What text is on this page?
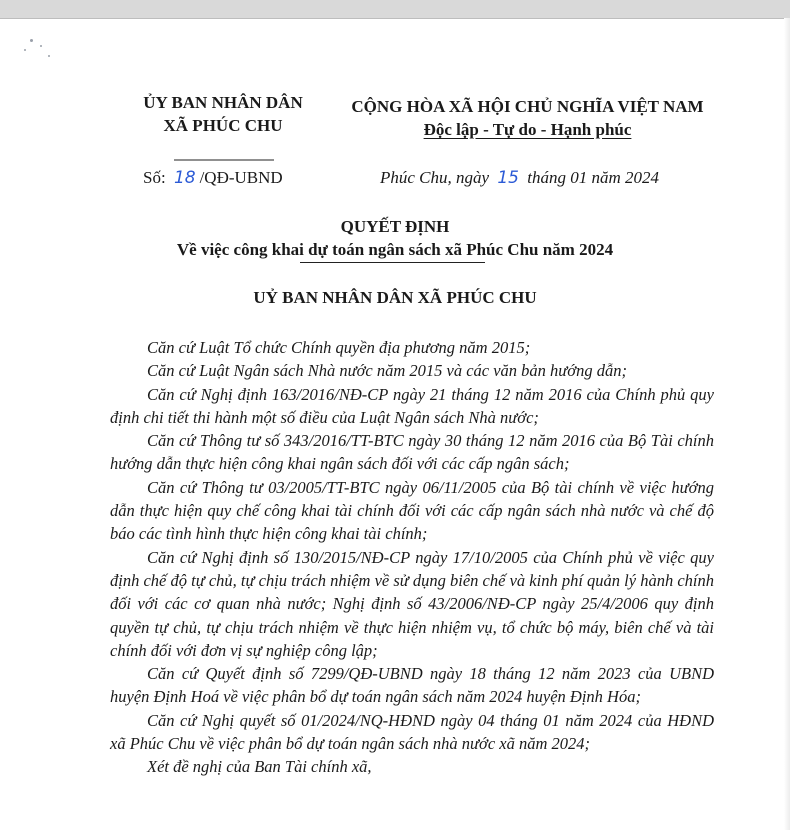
ỦY BAN NHÂN DÂN
XÃ PHÚC CHU
CỘNG HÒA XÃ HỘI CHỦ NGHĨA VIỆT NAM
Độc lập - Tự do - Hạnh phúc
Số: 18 /QĐ-UBND	Phúc Chu, ngày 15 tháng 01 năm 2024
QUYẾT ĐỊNH
Về việc công khai dự toán ngân sách xã Phúc Chu năm 2024
UỶ BAN NHÂN DÂN XÃ PHÚC CHU

Căn cứ Luật Tổ chức Chính quyền địa phương năm 2015;

Căn cứ Luật Ngân sách Nhà nước năm 2015 và các văn bản hướng dẫn;

Căn cứ Nghị định 163/2016/NĐ-CP ngày 21 tháng 12 năm 2016 của Chính phủ quy định chi tiết thi hành một số điều của Luật Ngân sách Nhà nước;

Căn cứ Thông tư số 343/2016/TT-BTC ngày 30 tháng 12 năm 2016 của Bộ Tài chính hướng dẫn thực hiện công khai ngân sách đối với các cấp ngân sách;

Căn cứ Thông tư 03/2005/TT-BTC ngày 06/11/2005 của Bộ tài chính về việc hướng dẫn thực hiện quy chế công khai tài chính đối với các cấp ngân sách nhà nước và chế độ báo các tình hình thực hiện công khai tài chính;

Căn cứ Nghị định số 130/2015/NĐ-CP ngày 17/10/2005 của Chính phủ về việc quy định chế độ tự chủ, tự chịu trách nhiệm về sử dụng biên chế và kinh phí quản lý hành chính đối với các cơ quan nhà nước; Nghị định số 43/2006/NĐ-CP ngày 25/4/2006 quy định quyền tự chủ, tự chịu trách nhiệm về thực hiện nhiệm vụ, tổ chức bộ máy, biên chế và tài chính đối với đơn vị sự nghiệp công lập;

Căn cứ Quyết định số 7299/QĐ-UBND ngày 18 tháng 12 năm 2023 của UBND huyện Định Hoá về việc phân bổ dự toán ngân sách năm 2024 huyện Định Hóa;

Căn cứ Nghị quyết số 01/2024/NQ-HĐND ngày 04 tháng 01 năm 2024 của HĐND xã Phúc Chu về việc phân bổ dự toán ngân sách nhà nước xã năm 2024;

Xét đề nghị của Ban Tài chính xã,
